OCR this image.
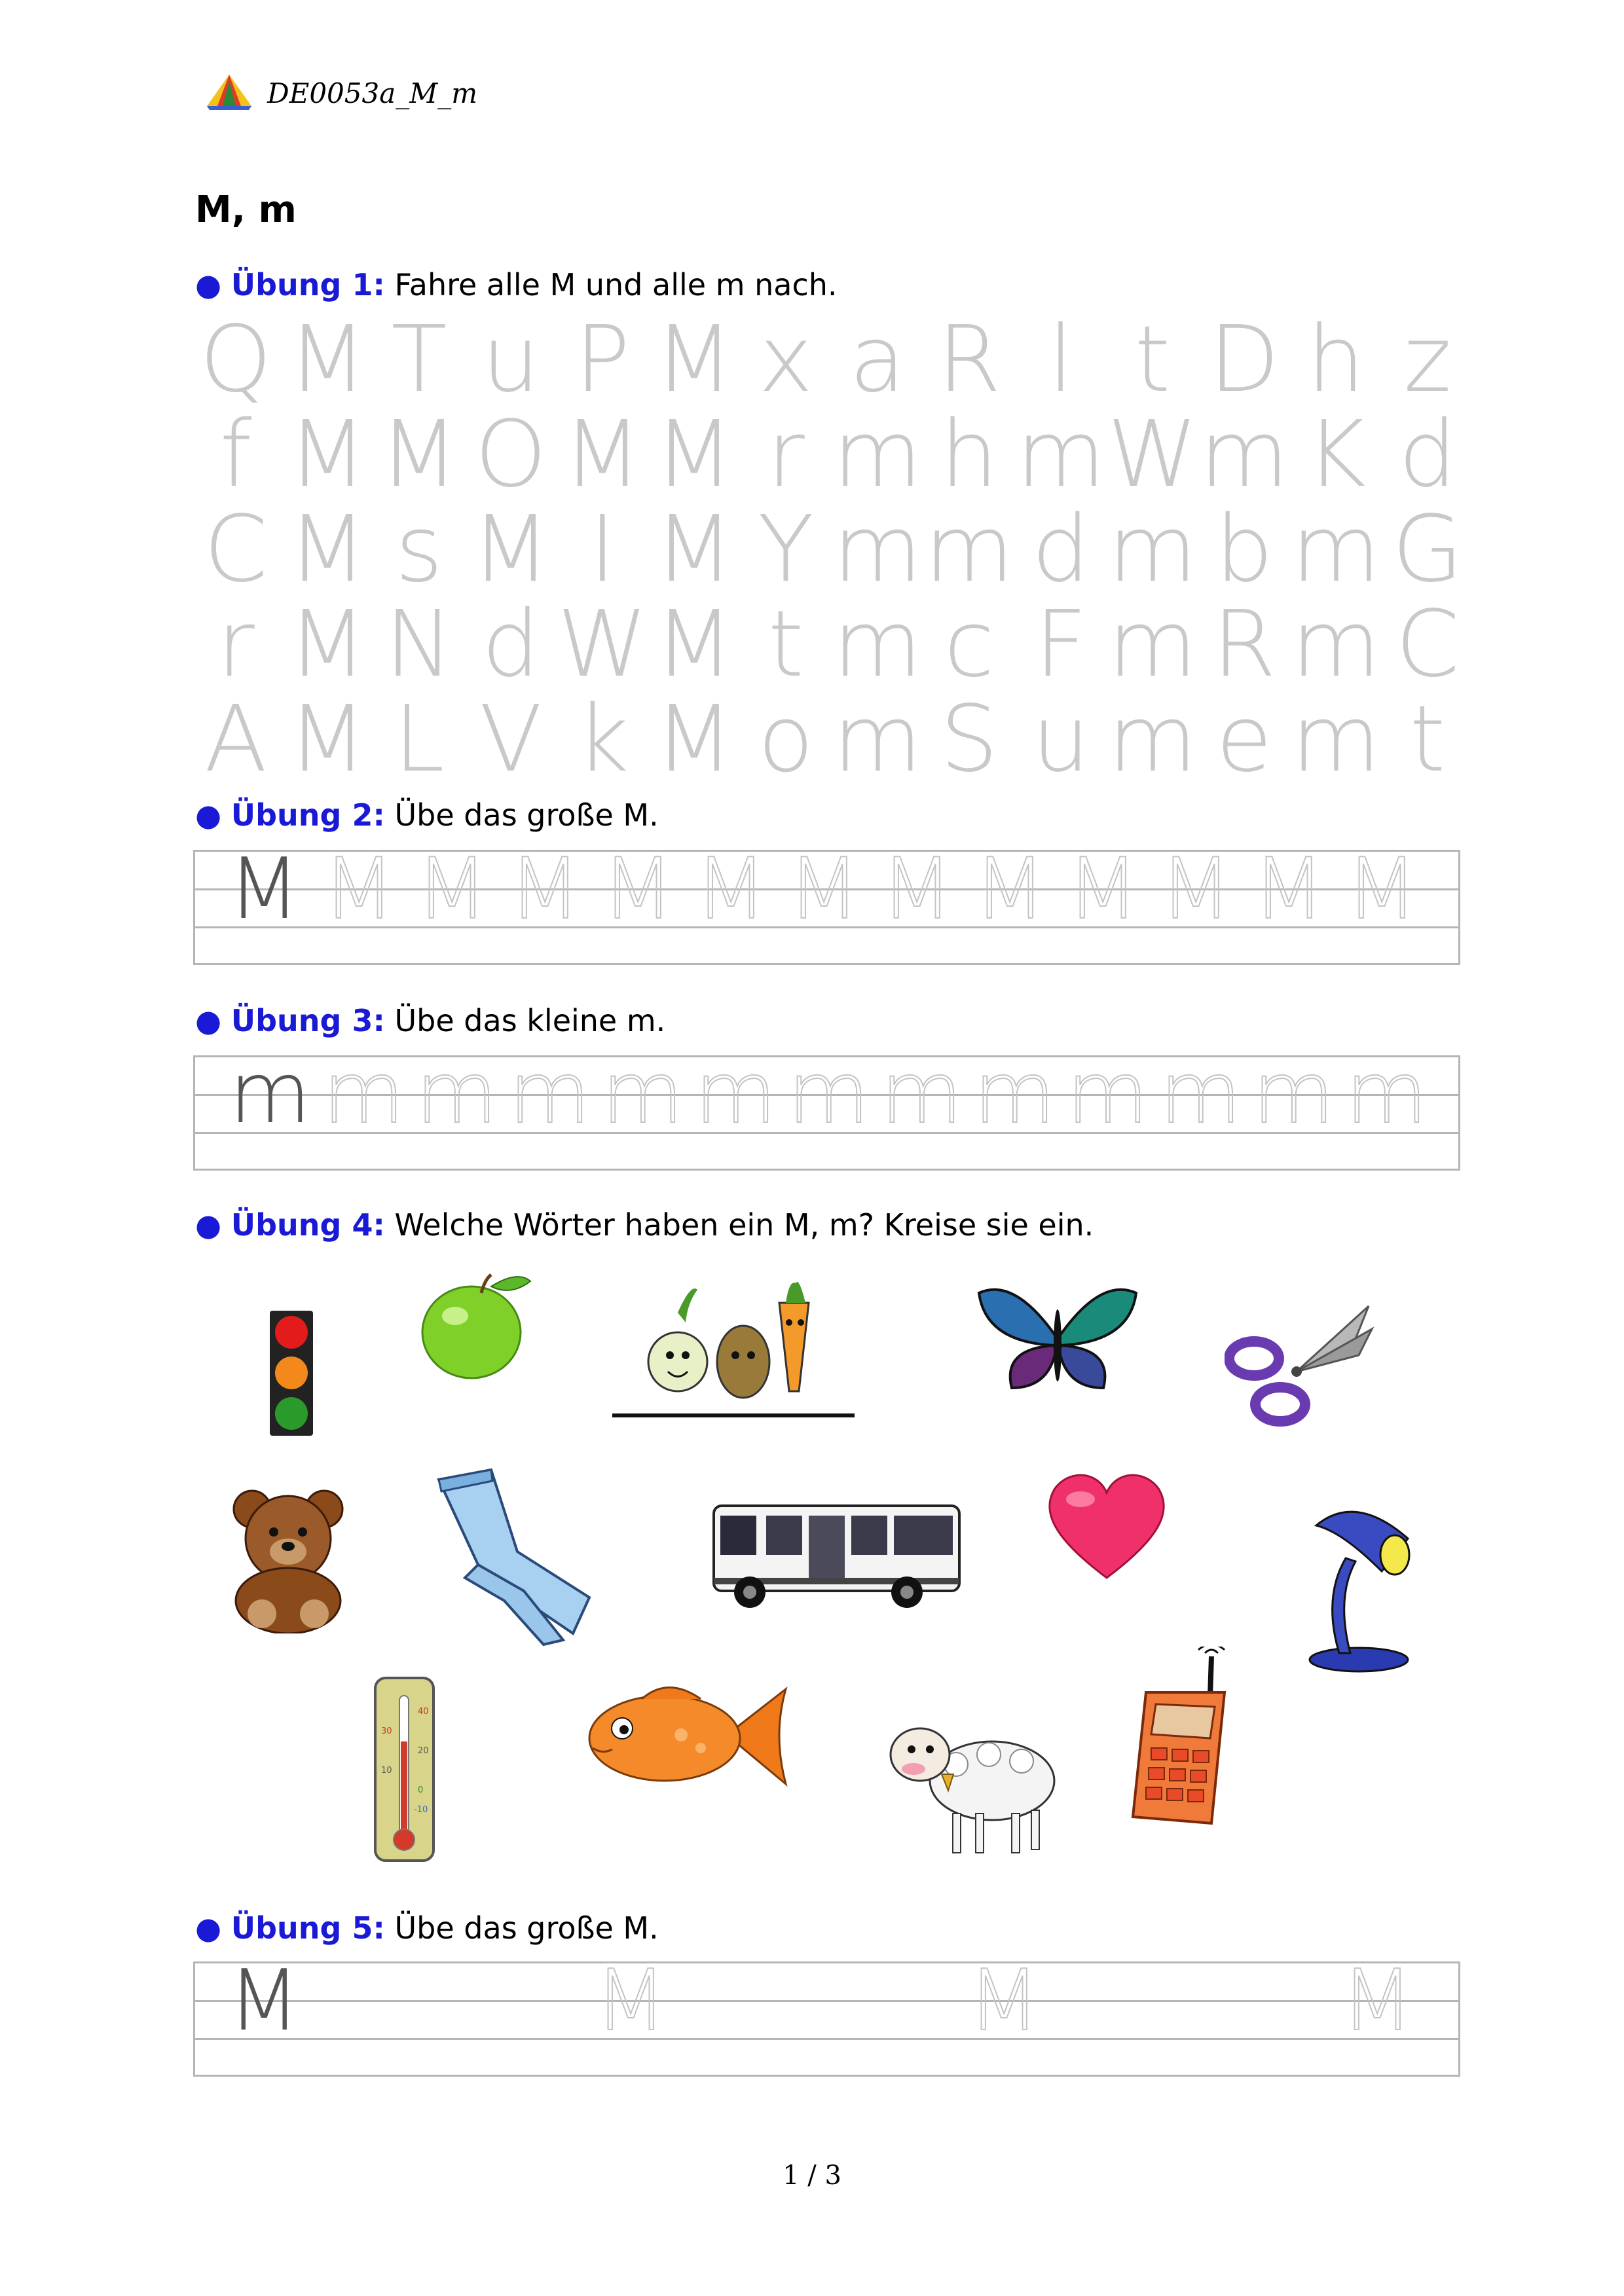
DE0053a_M_m
M, m
● Übung 1: Fahre alle M und alle m nach.
Q M T u P M x a R l t D h z
f M M O M M r m h m W m K d
C M s M I M Y m m d m b m G
r M N d W M t m c F m R m C
A M L V k M o m S u m e m t
● Übung 2: Übe das große M.
M M M M M M M M M M M M M
● Übung 3: Übe das kleine m.
m m m m m m m m m m m m m
● Übung 4: Welche Wörter haben ein M, m? Kreise sie ein.
40
30
20
10
0
-10
● Übung 5: Übe das große M.
M	M	M	M
1 / 3
